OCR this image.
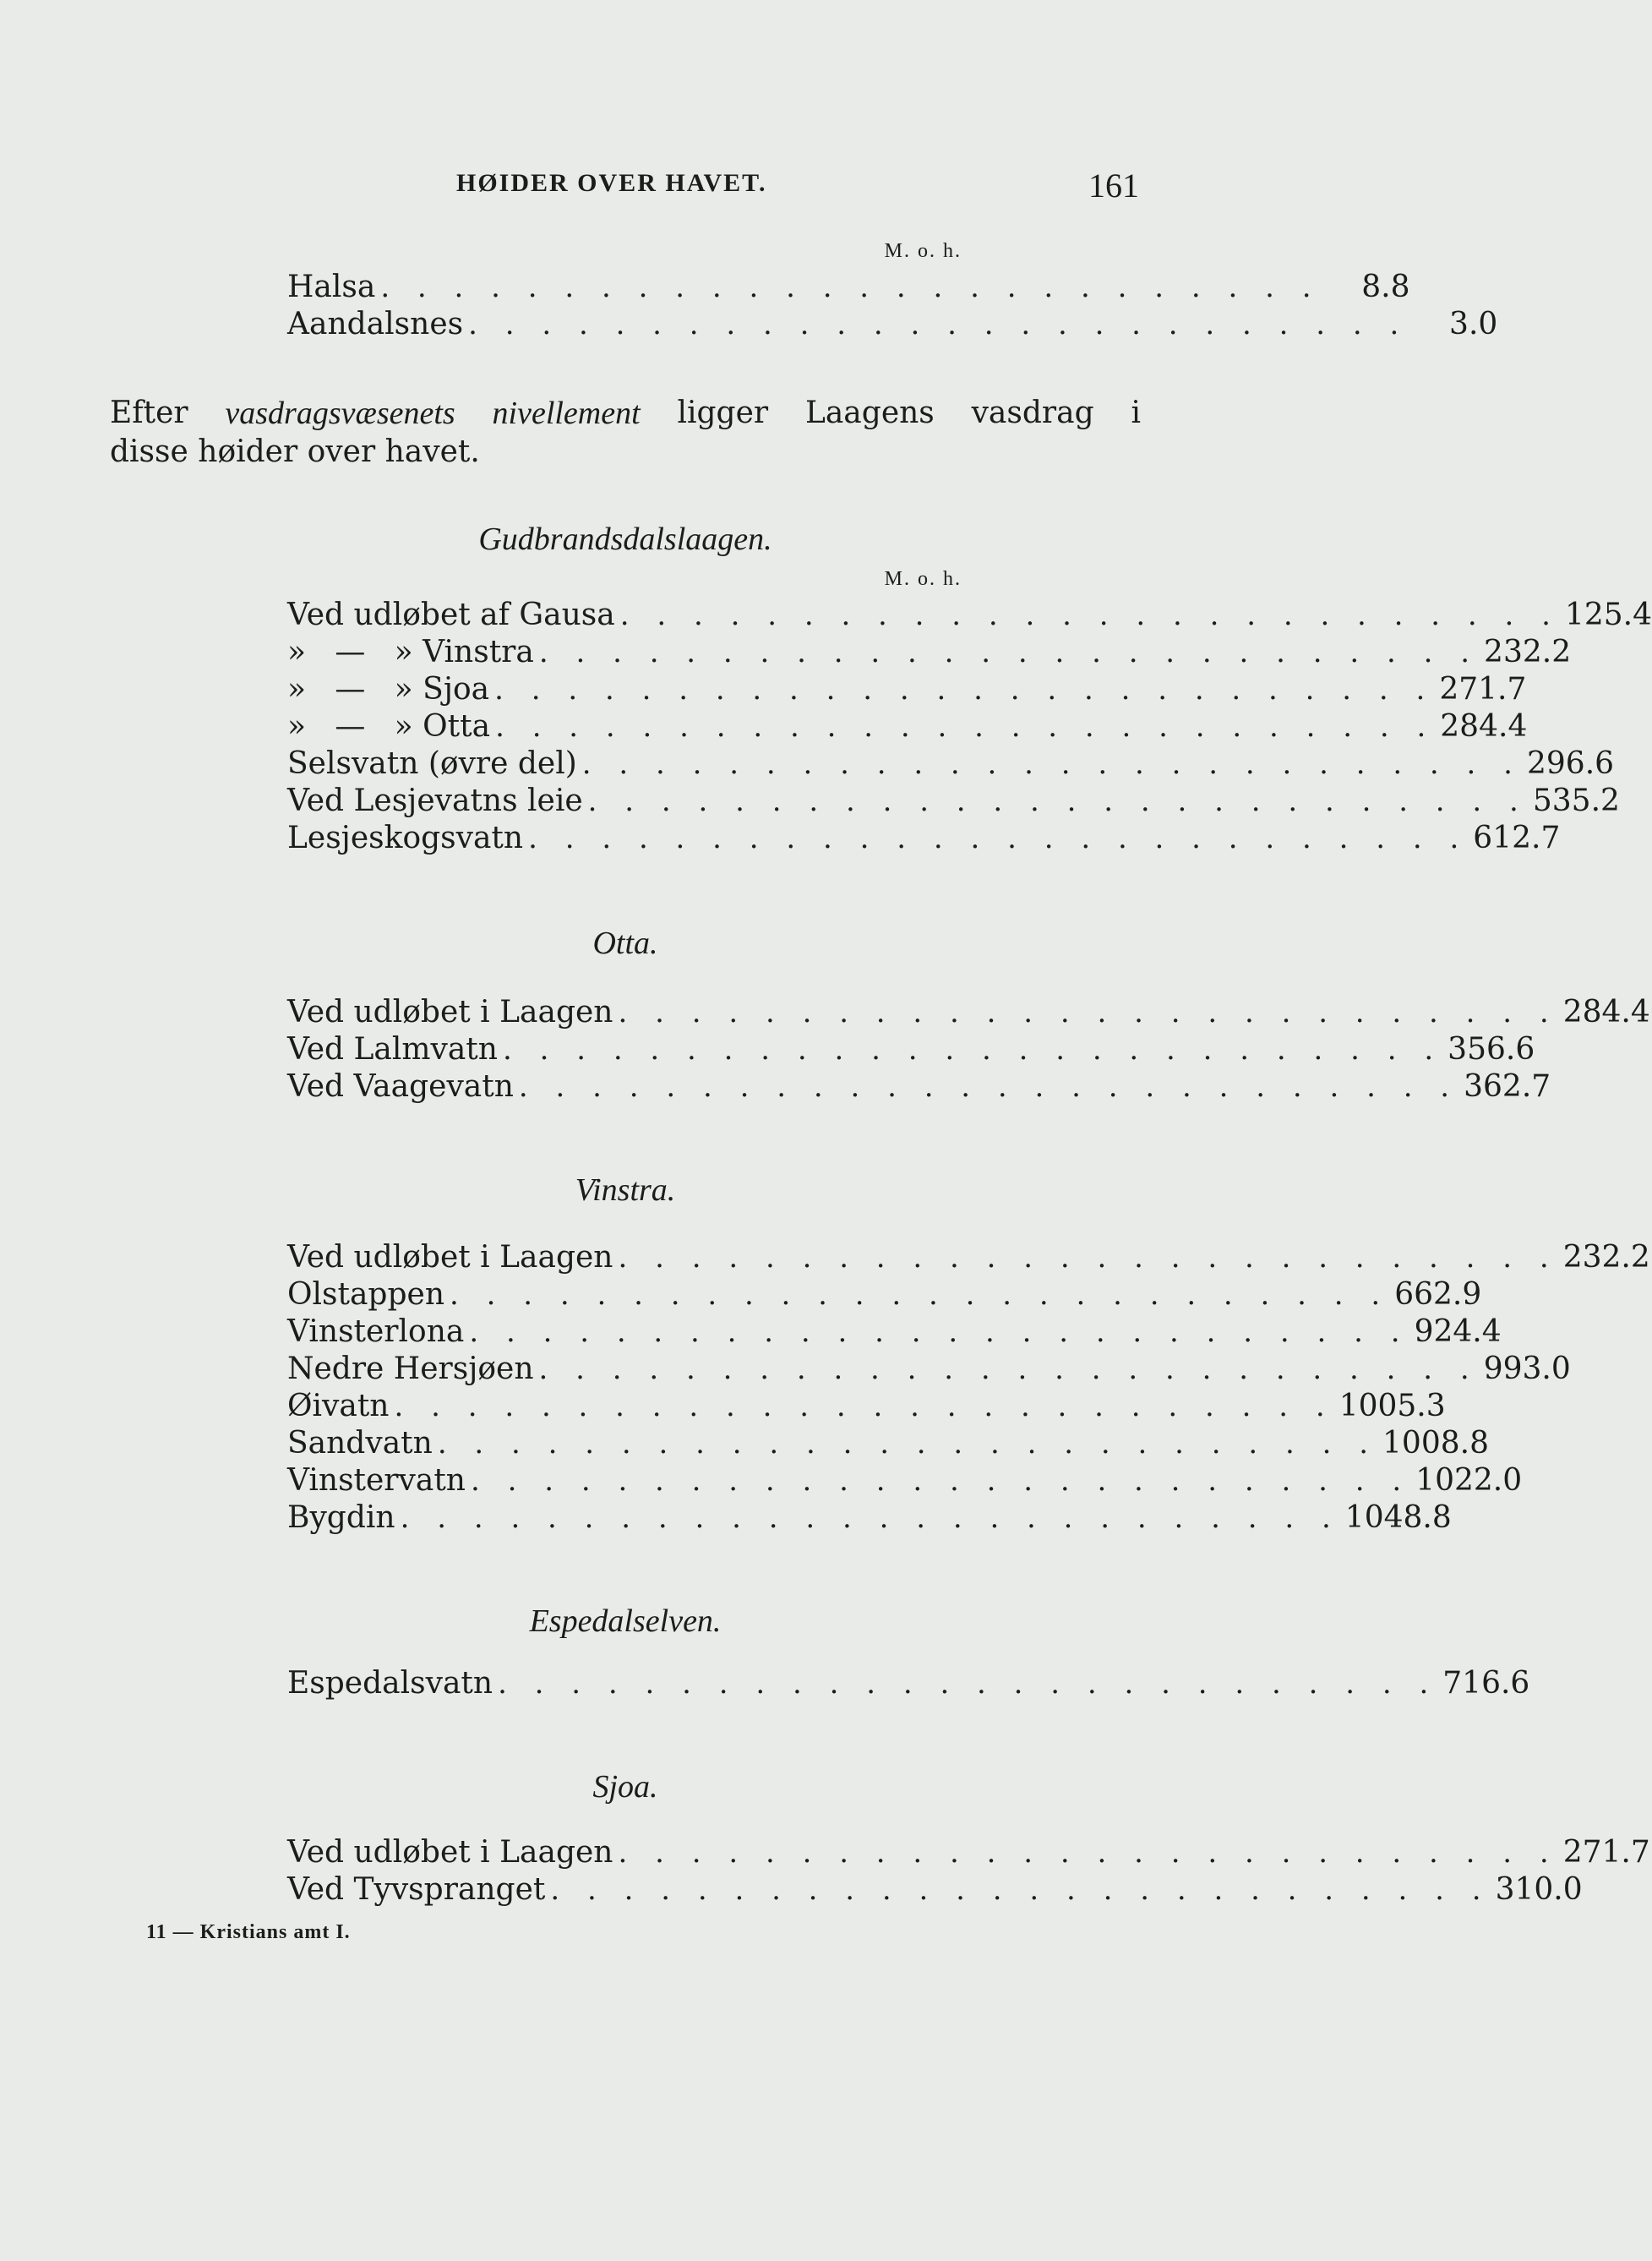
HØIDER OVER HAVET.	161
M. o. h.
Halsa . . . . . . . . . . . . . . . . . . . . . . . . . .	8.8
Aandalsnes . . . . . . . . . . . . . . . . . . . . . . . . . .	3.0
Efter vasdragsvæsenets nivellement ligger Laagens vasdrag i
disse høider over havet.
Gudbrandsdalslaagen.
M. o. h.
Ved udløbet af Gausa . . . . . . . . . . . . . . . . . . . . . . . . . . 125.4
»   —   » Vinstra . . . . . . . . . . . . . . . . . . . . . . . . . . 232.2
»   —   » Sjoa . . . . . . . . . . . . . . . . . . . . . . . . . . 271.7
»   —   » Otta . . . . . . . . . . . . . . . . . . . . . . . . . . 284.4
Selsvatn (øvre del) . . . . . . . . . . . . . . . . . . . . . . . . . . 296.6
Ved Lesjevatns leie . . . . . . . . . . . . . . . . . . . . . . . . . . 535.2
Lesjeskogsvatn . . . . . . . . . . . . . . . . . . . . . . . . . . 612.7
Otta.
Ved udløbet i Laagen . . . . . . . . . . . . . . . . . . . . . . . . . . 284.4
Ved Lalmvatn . . . . . . . . . . . . . . . . . . . . . . . . . . 356.6
Ved Vaagevatn . . . . . . . . . . . . . . . . . . . . . . . . . . 362.7
Vinstra.
Ved udløbet i Laagen . . . . . . . . . . . . . . . . . . . . . . . . . . 232.2
Olstappen . . . . . . . . . . . . . . . . . . . . . . . . . . 662.9
Vinsterlona . . . . . . . . . . . . . . . . . . . . . . . . . . 924.4
Nedre Hersjøen . . . . . . . . . . . . . . . . . . . . . . . . . . 993.0
Øivatn . . . . . . . . . . . . . . . . . . . . . . . . . . 1005.3
Sandvatn . . . . . . . . . . . . . . . . . . . . . . . . . . 1008.8
Vinstervatn . . . . . . . . . . . . . . . . . . . . . . . . . . 1022.0
Bygdin . . . . . . . . . . . . . . . . . . . . . . . . . . 1048.8
Espedalselven.
Espedalsvatn . . . . . . . . . . . . . . . . . . . . . . . . . . 716.6
Sjoa.
Ved udløbet i Laagen . . . . . . . . . . . . . . . . . . . . . . . . . . 271.7
Ved Tyvspranget . . . . . . . . . . . . . . . . . . . . . . . . . . 310.0
11 — Kristians amt I.
